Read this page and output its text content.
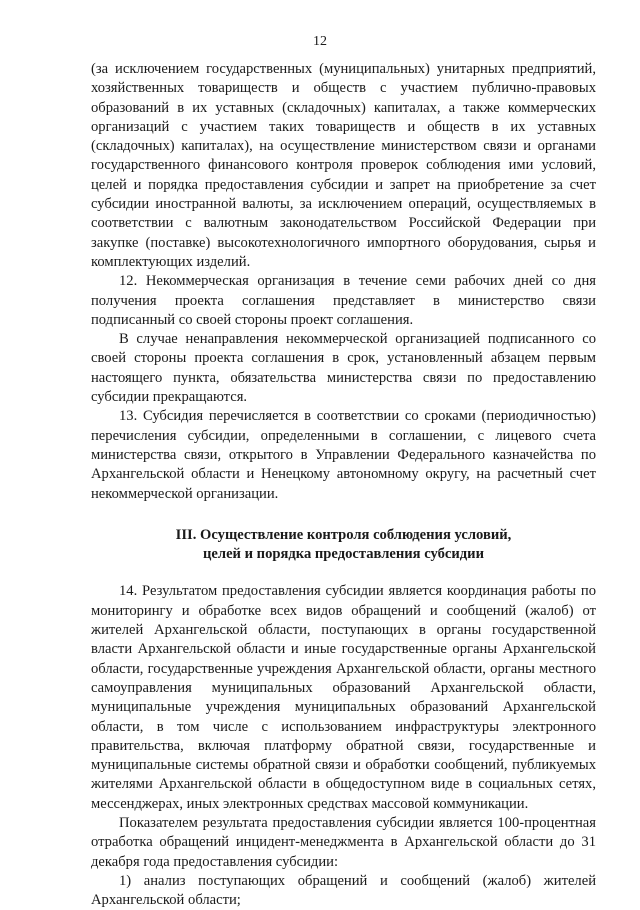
12

(за исключением государственных (муниципальных) унитарных предприятий, хозяйственных товариществ и обществ с участием публично-правовых образований в их уставных (складочных) капиталах, а также коммерческих организаций с участием таких товариществ и обществ в их уставных (складочных) капиталах), на осуществление министерством связи и органами государственного финансового контроля проверок соблюдения ими условий, целей и порядка предоставления субсидии и запрет на приобретение за счет субсидии иностранной валюты, за исключением операций, осуществляемых в соответствии с валютным законодательством Российской Федерации при закупке (поставке) высокотехнологичного импортного оборудования, сырья и комплектующих изделий.

12. Некоммерческая организация в течение семи рабочих дней со дня получения проекта соглашения представляет в министерство связи подписанный со своей стороны проект соглашения.

В случае ненаправления некоммерческой организацией подписанного со своей стороны проекта соглашения в срок, установленный абзацем первым настоящего пункта, обязательства министерства связи по предоставлению субсидии прекращаются.

13. Субсидия перечисляется в соответствии со сроками (периодичностью) перечисления субсидии, определенными в соглашении, с лицевого счета министерства связи, открытого в Управлении Федерального казначейства по Архангельской области и Ненецкому автономному округу, на расчетный счет некоммерческой организации.

III. Осуществление контроля соблюдения условий,
целей и порядка предоставления субсидии

14. Результатом предоставления субсидии является координация работы по мониторингу и обработке всех видов обращений и сообщений (жалоб) от жителей Архангельской области, поступающих в органы государственной власти Архангельской области и иные государственные органы Архангельской области, государственные учреждения Архангельской области, органы местного самоуправления муниципальных образований Архангельской области, муниципальные учреждения муниципальных образований Архангельской области, в том числе с использованием инфраструктуры электронного правительства, включая платформу обратной связи, государственные и муниципальные системы обратной связи и обработки сообщений, публикуемых жителями Архангельской области в общедоступном виде в социальных сетях, мессенджерах, иных электронных средствах массовой коммуникации.

Показателем результата предоставления субсидии является 100-процентная отработка обращений инцидент-менеджмента в Архангельской области до 31 декабря года предоставления субсидии:

1) анализ поступающих обращений и сообщений (жалоб) жителей Архангельской области;
